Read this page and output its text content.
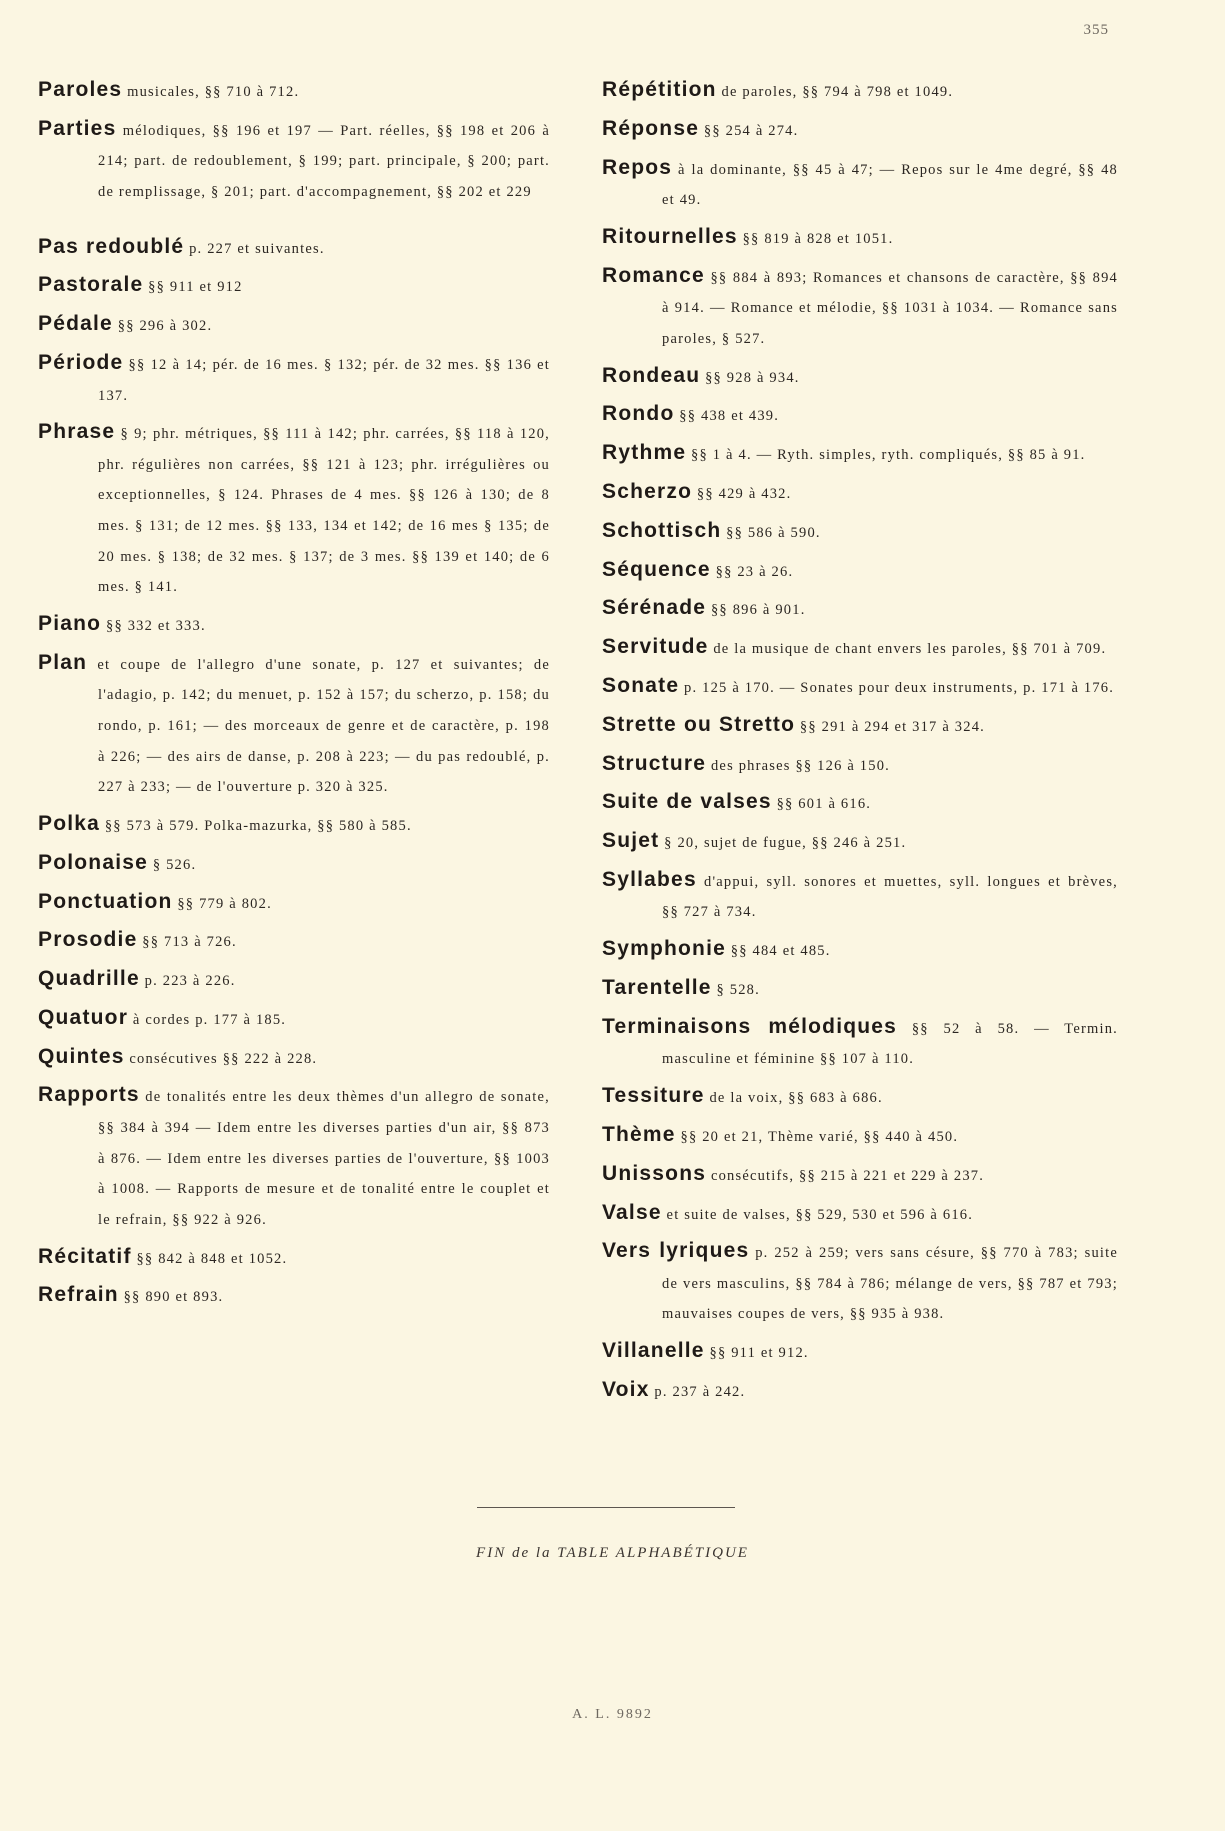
355
Paroles musicales, §§ 710 à 712.
Parties mélodiques, §§ 196 et 197 — Part. réelles, §§ 198 et 206 à 214; part. de redoublement, § 199; part. principale, § 200; part. de remplissage, § 201; part. d'accompagnement, §§ 202 et 229
Pas redoublé p. 227 et suivantes.
Pastorale §§ 911 et 912
Pédale §§ 296 à 302.
Période §§ 12 à 14; pér. de 16 mes. § 132; pér. de 32 mes. §§ 136 et 137.
Phrase § 9; phr. métriques, §§ 111 à 142; phr. carrées, §§ 118 à 120, phr. régulières non carrées, §§ 121 à 123; phr. irrégulières ou exceptionnelles, § 124. Phrases de 4 mes. §§ 126 à 130; de 8 mes. § 131; de 12 mes. §§ 133, 134 et 142; de 16 mes § 135; de 20 mes. § 138; de 32 mes. § 137; de 3 mes. §§ 139 et 140; de 6 mes. § 141.
Piano §§ 332 et 333.
Plan et coupe de l'allegro d'une sonate, p. 127 et suivantes; de l'adagio, p. 142; du menuet, p. 152 à 157; du scherzo, p. 158; du rondo, p. 161; — des morceaux de genre et de caractère, p. 198 à 226; — des airs de danse, p. 208 à 223; — du pas redoublé, p. 227 à 233; — de l'ouverture p. 320 à 325.
Polka §§ 573 à 579. Polka-mazurka, §§ 580 à 585.
Polonaise § 526.
Ponctuation §§ 779 à 802.
Prosodie §§ 713 à 726.
Quadrille p. 223 à 226.
Quatuor à cordes p. 177 à 185.
Quintes consécutives §§ 222 à 228.
Rapports de tonalités entre les deux thèmes d'un allegro de sonate, §§ 384 à 394 — Idem entre les diverses parties d'un air, §§ 873 à 876. — Idem entre les diverses parties de l'ouverture, §§ 1003 à 1008. — Rapports de mesure et de tonalité entre le couplet et le refrain, §§ 922 à 926.
Récitatif §§ 842 à 848 et 1052.
Refrain §§ 890 et 893.
Répétition de paroles, §§ 794 à 798 et 1049.
Réponse §§ 254 à 274.
Repos à la dominante, §§ 45 à 47; — Repos sur le 4me degré, §§ 48 et 49.
Ritournelles §§ 819 à 828 et 1051.
Romance §§ 884 à 893; Romances et chansons de caractère, §§ 894 à 914. — Romance et mélodie, §§ 1031 à 1034. — Romance sans paroles, § 527.
Rondeau §§ 928 à 934.
Rondo §§ 438 et 439.
Rythme §§ 1 à 4. — Ryth. simples, ryth. compliqués, §§ 85 à 91.
Scherzo §§ 429 à 432.
Schottisch §§ 586 à 590.
Séquence §§ 23 à 26.
Sérénade §§ 896 à 901.
Servitude de la musique de chant envers les paroles, §§ 701 à 709.
Sonate p. 125 à 170. — Sonates pour deux instruments, p. 171 à 176.
Strette ou Stretto §§ 291 à 294 et 317 à 324.
Structure des phrases §§ 126 à 150.
Suite de valses §§ 601 à 616.
Sujet § 20, sujet de fugue, §§ 246 à 251.
Syllabes d'appui, syll. sonores et muettes, syll. longues et brèves, §§ 727 à 734.
Symphonie §§ 484 et 485.
Tarentelle § 528.
Terminaisons mélodiques §§ 52 à 58. — Termin. masculine et féminine §§ 107 à 110.
Tessiture de la voix, §§ 683 à 686.
Thème §§ 20 et 21, Thème varié, §§ 440 à 450.
Unissons consécutifs, §§ 215 à 221 et 229 à 237.
Valse et suite de valses, §§ 529, 530 et 596 à 616.
Vers lyriques p. 252 à 259; vers sans césure, §§ 770 à 783; suite de vers masculins, §§ 784 à 786; mélange de vers, §§ 787 et 793; mauvaises coupes de vers, §§ 935 à 938.
Villanelle §§ 911 et 912.
Voix p. 237 à 242.
FIN de la TABLE ALPHABÉTIQUE
A. L. 9892
